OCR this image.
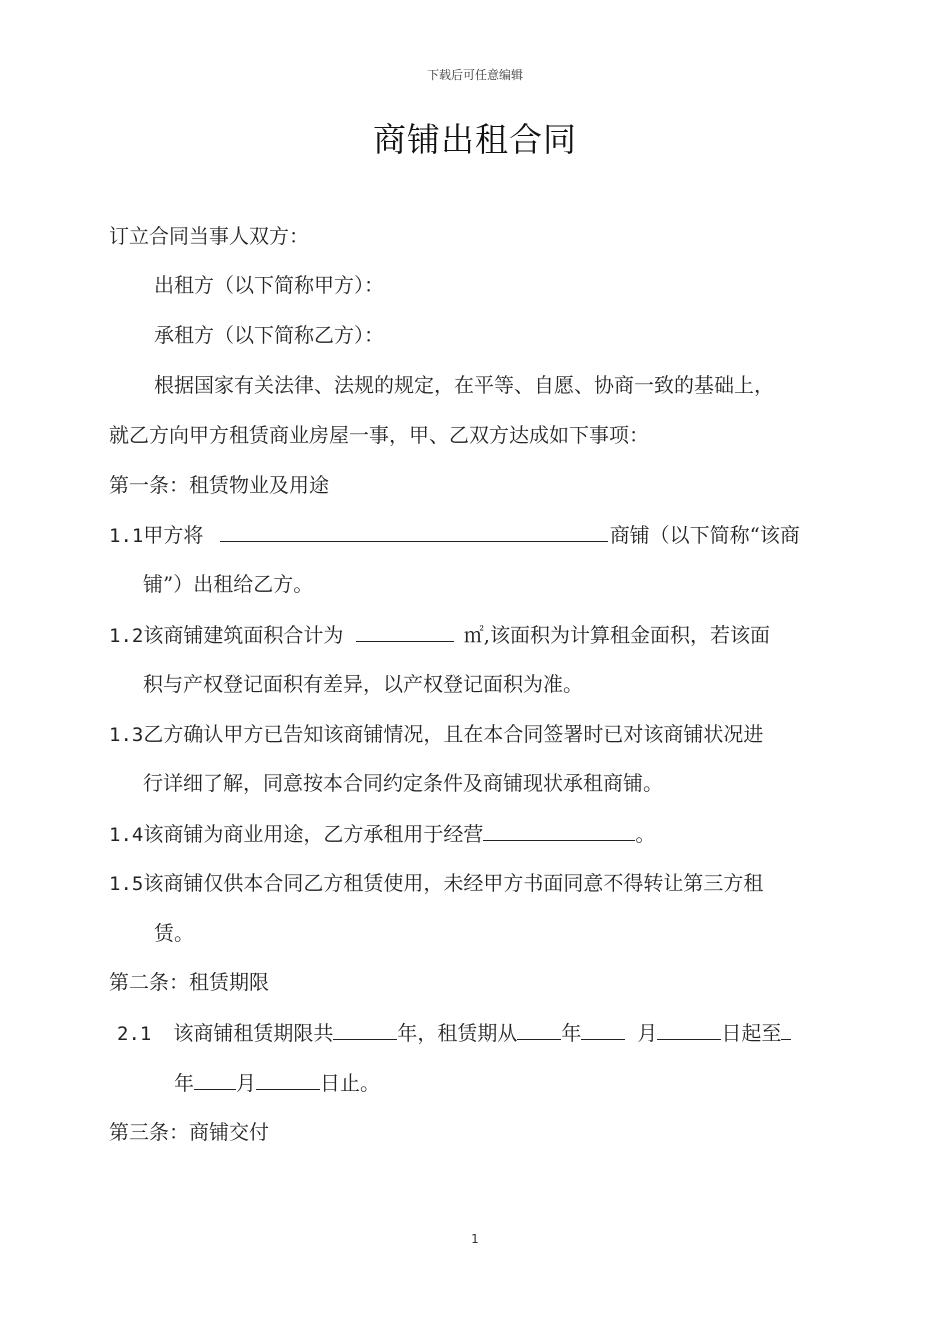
下载后可任意编辑
商铺出租合同
订立合同当事人双方：
出租方（以下简称甲方）：
承租方（以下简称乙方）：
根据国家有关法律、法规的规定，在平等、自愿、协商一致的基础上，
就乙方向甲方租赁商业房屋一事，甲、乙双方达成如下事项：
第一条：租赁物业及用途
1.1甲方将	商铺（以下简称“该商
铺”）出租给乙方。
1.2该商铺建筑面积合计为	㎡,该面积为计算租金面积，若该面
积与产权登记面积有差异，以产权登记面积为准。
1.3乙方确认甲方已告知该商铺情况，且在本合同签署时已对该商铺状况进
行详细了解，同意按本合同约定条件及商铺现状承租商铺。
1.4该商铺为商业用途，乙方承租用于经营	。
1.5该商铺仅供本合同乙方租赁使用，未经甲方书面同意不得转让第三方租
赁。
第二条：租赁期限
2.1 该商铺租赁期限共	年，租赁期从 年	月	日起至
年 月	日止。
第三条：商铺交付
1
